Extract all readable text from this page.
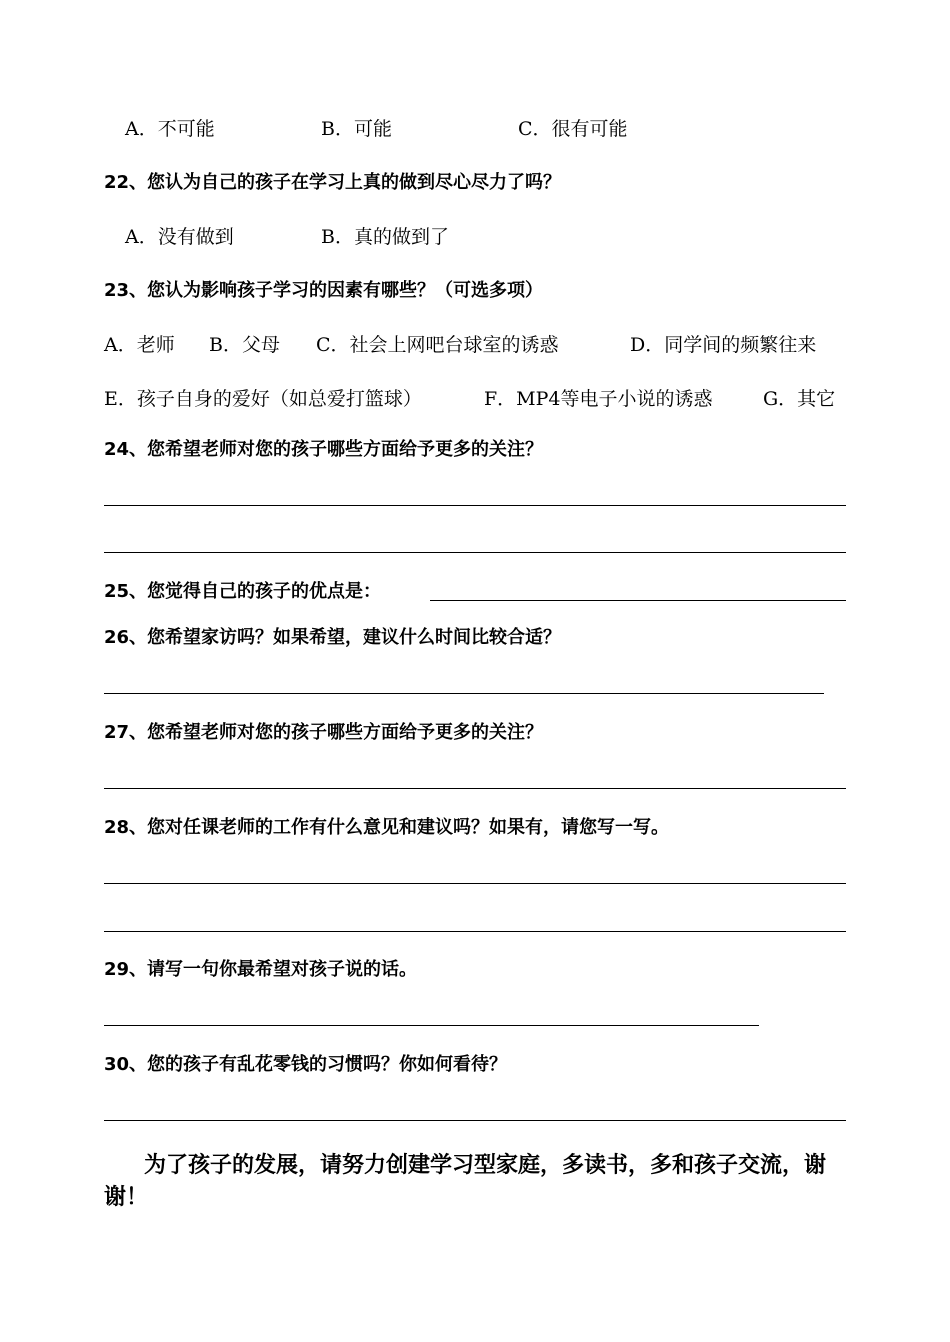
A．不可能	B．可能	C．很有可能
22、您认为自己的孩子在学习上真的做到尽心尽力了吗？
A．没有做到	B．真的做到了
23、您认为影响孩子学习的因素有哪些？（可选多项）
A．老师 B．父母 C．社会上网吧台球室的诱惑	D．同学间的频繁往来
E．孩子自身的爱好（如总爱打篮球）	F．MP4等电子小说的诱惑	G．其它
24、您希望老师对您的孩子哪些方面给予更多的关注？
25、您觉得自己的孩子的优点是：
26、您希望家访吗？如果希望，建议什么时间比较合适？
27、您希望老师对您的孩子哪些方面给予更多的关注？
28、您对任课老师的工作有什么意见和建议吗？如果有，请您写一写。
29、请写一句你最希望对孩子说的话。
30、您的孩子有乱花零钱的习惯吗？你如何看待？
为了孩子的发展，请努力创建学习型家庭，多读书，多和孩子交流，谢谢！
